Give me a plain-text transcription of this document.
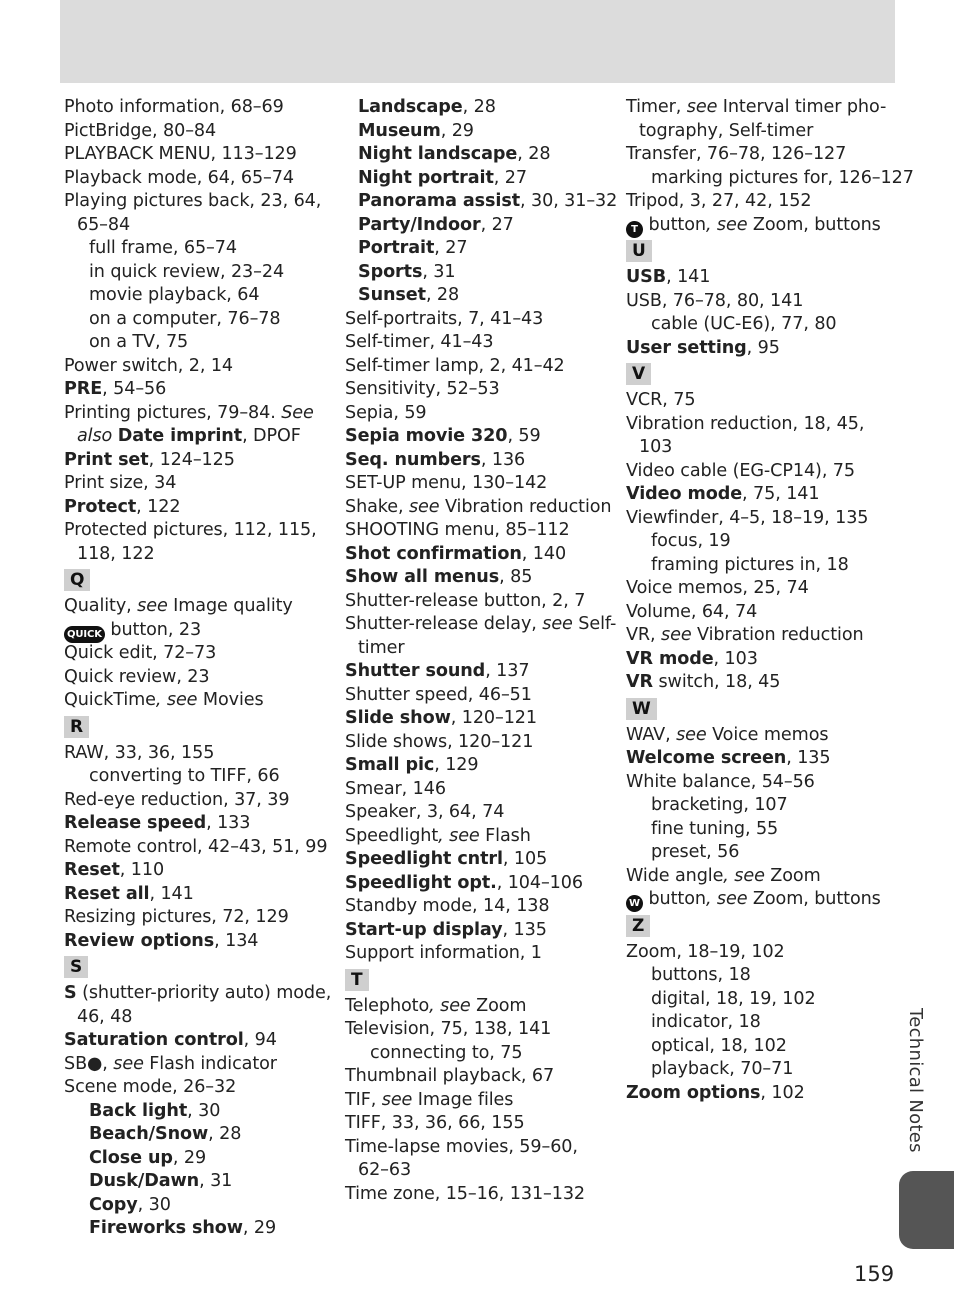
Photo information, 68–69
PictBridge, 80–84
PLAYBACK MENU, 113–129
Playback mode, 64, 65–74
Playing pictures back, 23, 64,
65–84
full frame, 65–74
in quick review, 23–24
movie playback, 64
on a computer, 76–78
on a TV, 75
Power switch, 2, 14
PRE, 54–56
Printing pictures, 79–84. See
also Date imprint, DPOF
Print set, 124–125
Print size, 34
Protect, 122
Protected pictures, 112, 115,
118, 122
Q
Quality, see Image quality
QUICK button, 23
Quick edit, 72–73
Quick review, 23
QuickTime, see Movies
R
RAW, 33, 36, 155
converting to TIFF, 66
Red-eye reduction, 37, 39
Release speed, 133
Remote control, 42–43, 51, 99
Reset, 110
Reset all, 141
Resizing pictures, 72, 129
Review options, 134
S
S (shutter-priority auto) mode,
46, 48
Saturation control, 94
SB●, see Flash indicator
Scene mode, 26–32
Back light, 30
Beach/Snow, 28
Close up, 29
Dusk/Dawn, 31
Copy, 30
Fireworks show, 29
Landscape, 28
Museum, 29
Night landscape, 28
Night portrait, 27
Panorama assist, 30, 31–32
Party/Indoor, 27
Portrait, 27
Sports, 31
Sunset, 28
Self-portraits, 7, 41–43
Self-timer, 41–43
Self-timer lamp, 2, 41–42
Sensitivity, 52–53
Sepia, 59
Sepia movie 320, 59
Seq. numbers, 136
SET-UP menu, 130–142
Shake, see Vibration reduction
SHOOTING menu, 85–112
Shot confirmation, 140
Show all menus, 85
Shutter-release button, 2, 7
Shutter-release delay, see Self-
timer
Shutter sound, 137
Shutter speed, 46–51
Slide show, 120–121
Slide shows, 120–121
Small pic, 129
Smear, 146
Speaker, 3, 64, 74
Speedlight, see Flash
Speedlight cntrl, 105
Speedlight opt., 104–106
Standby mode, 14, 138
Start-up display, 135
Support information, 1
T
Telephoto, see Zoom
Television, 75, 138, 141
connecting to, 75
Thumbnail playback, 67
TIF, see Image files
TIFF, 33, 36, 66, 155
Time-lapse movies, 59–60,
62–63
Time zone, 15–16, 131–132
Timer, see Interval timer pho-
tography, Self-timer
Transfer, 76–78, 126–127
marking pictures for, 126–127
Tripod, 3, 27, 42, 152
T button, see Zoom, buttons
U
USB, 141
USB, 76–78, 80, 141
cable (UC-E6), 77, 80
User setting, 95
V
VCR, 75
Vibration reduction, 18, 45,
103
Video cable (EG-CP14), 75
Video mode, 75, 141
Viewfinder, 4–5, 18–19, 135
focus, 19
framing pictures in, 18
Voice memos, 25, 74
Volume, 64, 74
VR, see Vibration reduction
VR mode, 103
VR switch, 18, 45
W
WAV, see Voice memos
Welcome screen, 135
White balance, 54–56
bracketing, 107
fine tuning, 55
preset, 56
Wide angle, see Zoom
W button, see Zoom, buttons
Z
Zoom, 18–19, 102
buttons, 18
digital, 18, 19, 102
indicator, 18
optical, 18, 102
playback, 70–71
Zoom options, 102	Technical Notes
159
